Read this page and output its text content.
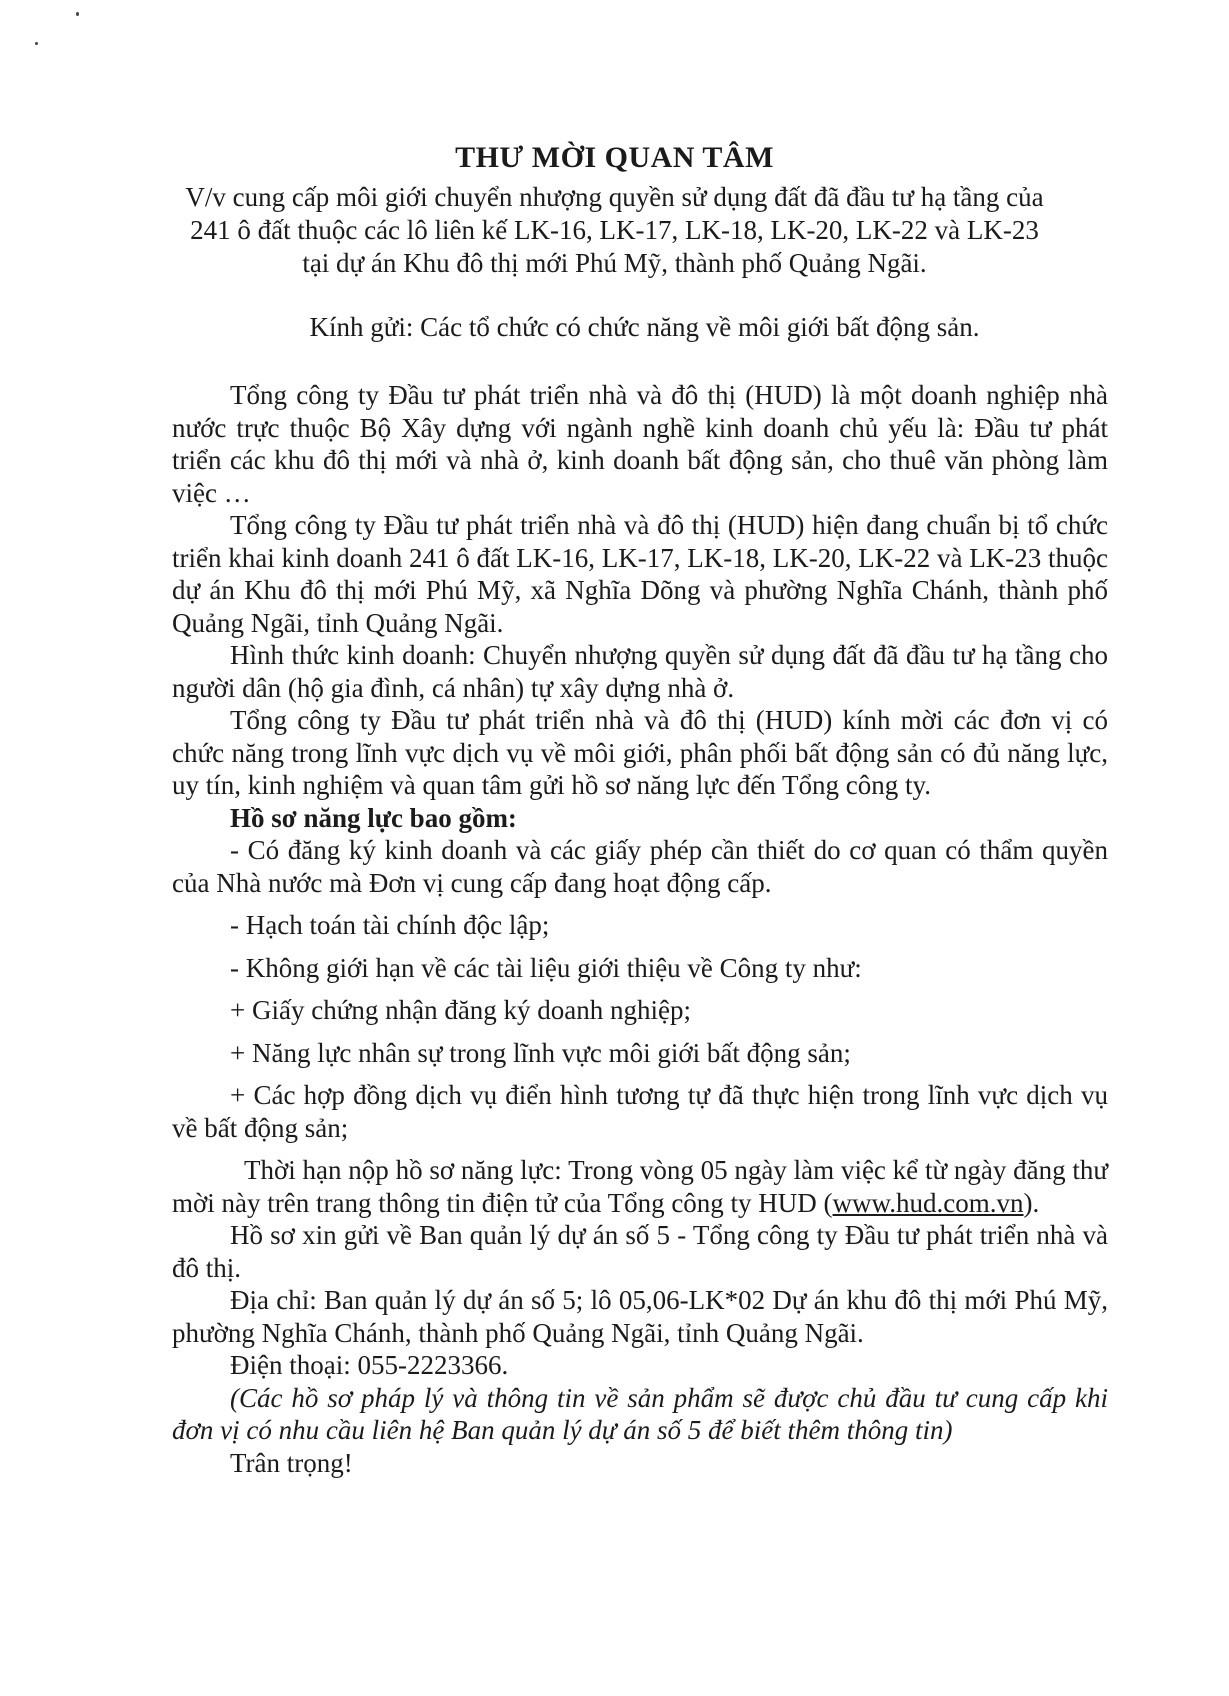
THƯ MỜI QUAN TÂM
V/v cung cấp môi giới chuyển nhượng quyền sử dụng đất đã đầu tư hạ tầng của
241 ô đất thuộc các lô liên kế LK-16, LK-17, LK-18, LK-20, LK-22 và LK-23
tại dự án Khu đô thị mới Phú Mỹ, thành phố Quảng Ngãi.
Kính gửi: Các tổ chức có chức năng về môi giới bất động sản.

Tổng công ty Đầu tư phát triển nhà và đô thị (HUD) là một doanh nghiệp nhà nước trực thuộc Bộ Xây dựng với ngành nghề kinh doanh chủ yếu là: Đầu tư phát triển các khu đô thị mới và nhà ở, kinh doanh bất động sản, cho thuê văn phòng làm việc …

Tổng công ty Đầu tư phát triển nhà và đô thị (HUD) hiện đang chuẩn bị tổ chức triển khai kinh doanh 241 ô đất LK-16, LK-17, LK-18, LK-20, LK-22 và LK-23 thuộc dự án Khu đô thị mới Phú Mỹ, xã Nghĩa Dõng và phường Nghĩa Chánh, thành phố Quảng Ngãi, tỉnh Quảng Ngãi.

Hình thức kinh doanh: Chuyển nhượng quyền sử dụng đất đã đầu tư hạ tầng cho người dân (hộ gia đình, cá nhân) tự xây dựng nhà ở.

Tổng công ty Đầu tư phát triển nhà và đô thị (HUD) kính mời các đơn vị có chức năng trong lĩnh vực dịch vụ về môi giới, phân phối bất động sản có đủ năng lực, uy tín, kinh nghiệm và quan tâm gửi hồ sơ năng lực đến Tổng công ty.

Hồ sơ năng lực bao gồm:

- Có đăng ký kinh doanh và các giấy phép cần thiết do cơ quan có thẩm quyền của Nhà nước mà Đơn vị cung cấp đang hoạt động cấp.

- Hạch toán tài chính độc lập;

- Không giới hạn về các tài liệu giới thiệu về Công ty như:

+ Giấy chứng nhận đăng ký doanh nghiệp;

+ Năng lực nhân sự trong lĩnh vực môi giới bất động sản;

+ Các hợp đồng dịch vụ điển hình tương tự đã thực hiện trong lĩnh vực dịch vụ về bất động sản;

Thời hạn nộp hồ sơ năng lực: Trong vòng 05 ngày làm việc kể từ ngày đăng thư mời này trên trang thông tin điện tử của Tổng công ty HUD (www.hud.com.vn).

Hồ sơ xin gửi về Ban quản lý dự án số 5 - Tổng công ty Đầu tư phát triển nhà và đô thị.

Địa chỉ: Ban quản lý dự án số 5; lô 05,06-LK*02 Dự án khu đô thị mới Phú Mỹ, phường Nghĩa Chánh, thành phố Quảng Ngãi, tỉnh Quảng Ngãi.

Điện thoại: 055-2223366.

(Các hồ sơ pháp lý và thông tin về sản phẩm sẽ được chủ đầu tư cung cấp khi đơn vị có nhu cầu liên hệ Ban quản lý dự án số 5 để biết thêm thông tin)

Trân trọng!
